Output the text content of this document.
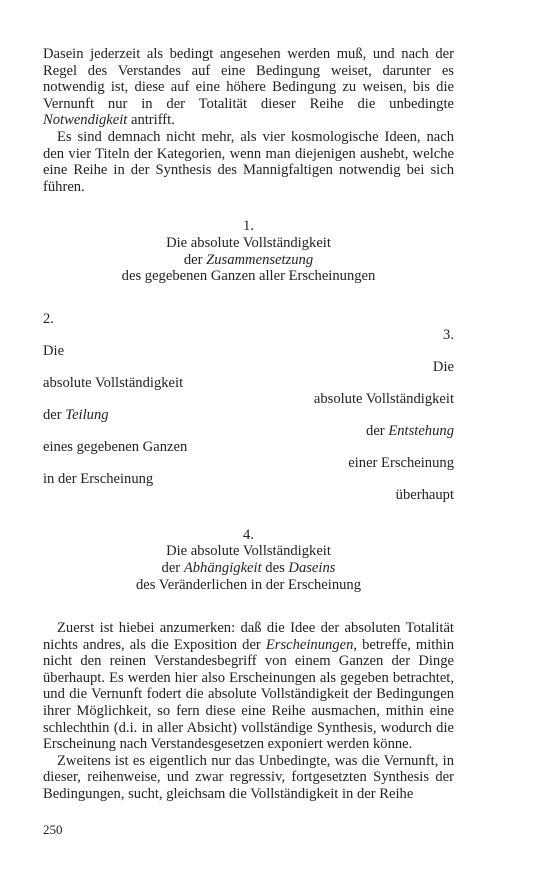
Dasein jederzeit als bedingt angesehen werden muß, und nach der Regel des Verstandes auf eine Bedingung weiset, darunter es notwendig ist, diese auf eine höhere Bedingung zu weisen, bis die Vernunft nur in der Totalität dieser Reihe die unbedingte Notwendigkeit antrifft.

Es sind demnach nicht mehr, als vier kosmologische Ideen, nach den vier Titeln der Kategorien, wenn man diejenigen aushebt, welche eine Reihe in der Synthesis des Mannigfaltigen notwendig bei sich führen.

1.
Die absolute Vollständigkeit
der Zusammensetzung
des gegebenen Ganzen aller Erscheinungen
2.
3.
Die
Die
absolute Vollständigkeit
absolute Vollständigkeit
der Teilung
der Entstehung
eines gegebenen Ganzen
einer Erscheinung
in der Erscheinung
überhaupt
4.
Die absolute Vollständigkeit
der Abhängigkeit des Daseins
des Veränderlichen in der Erscheinung

Zuerst ist hiebei anzumerken: daß die Idee der absoluten Totalität nichts andres, als die Exposition der Erscheinungen, betreffe, mithin nicht den reinen Verstandesbegriff von einem Ganzen der Dinge überhaupt. Es werden hier also Erscheinungen als gegeben betrachtet, und die Vernunft fodert die absolute Vollständigkeit der Bedingungen ihrer Möglichkeit, so fern diese eine Reihe ausmachen, mithin eine schlechthin (d.i. in aller Absicht) vollständige Synthesis, wodurch die Erscheinung nach Verstandesgesetzen exponiert werden könne.

Zweitens ist es eigentlich nur das Unbedingte, was die Vernunft, in dieser, reihenweise, und zwar regressiv, fortgesetzten Synthesis der Bedingungen, sucht, gleichsam die Vollständigkeit in der Reihe

250
